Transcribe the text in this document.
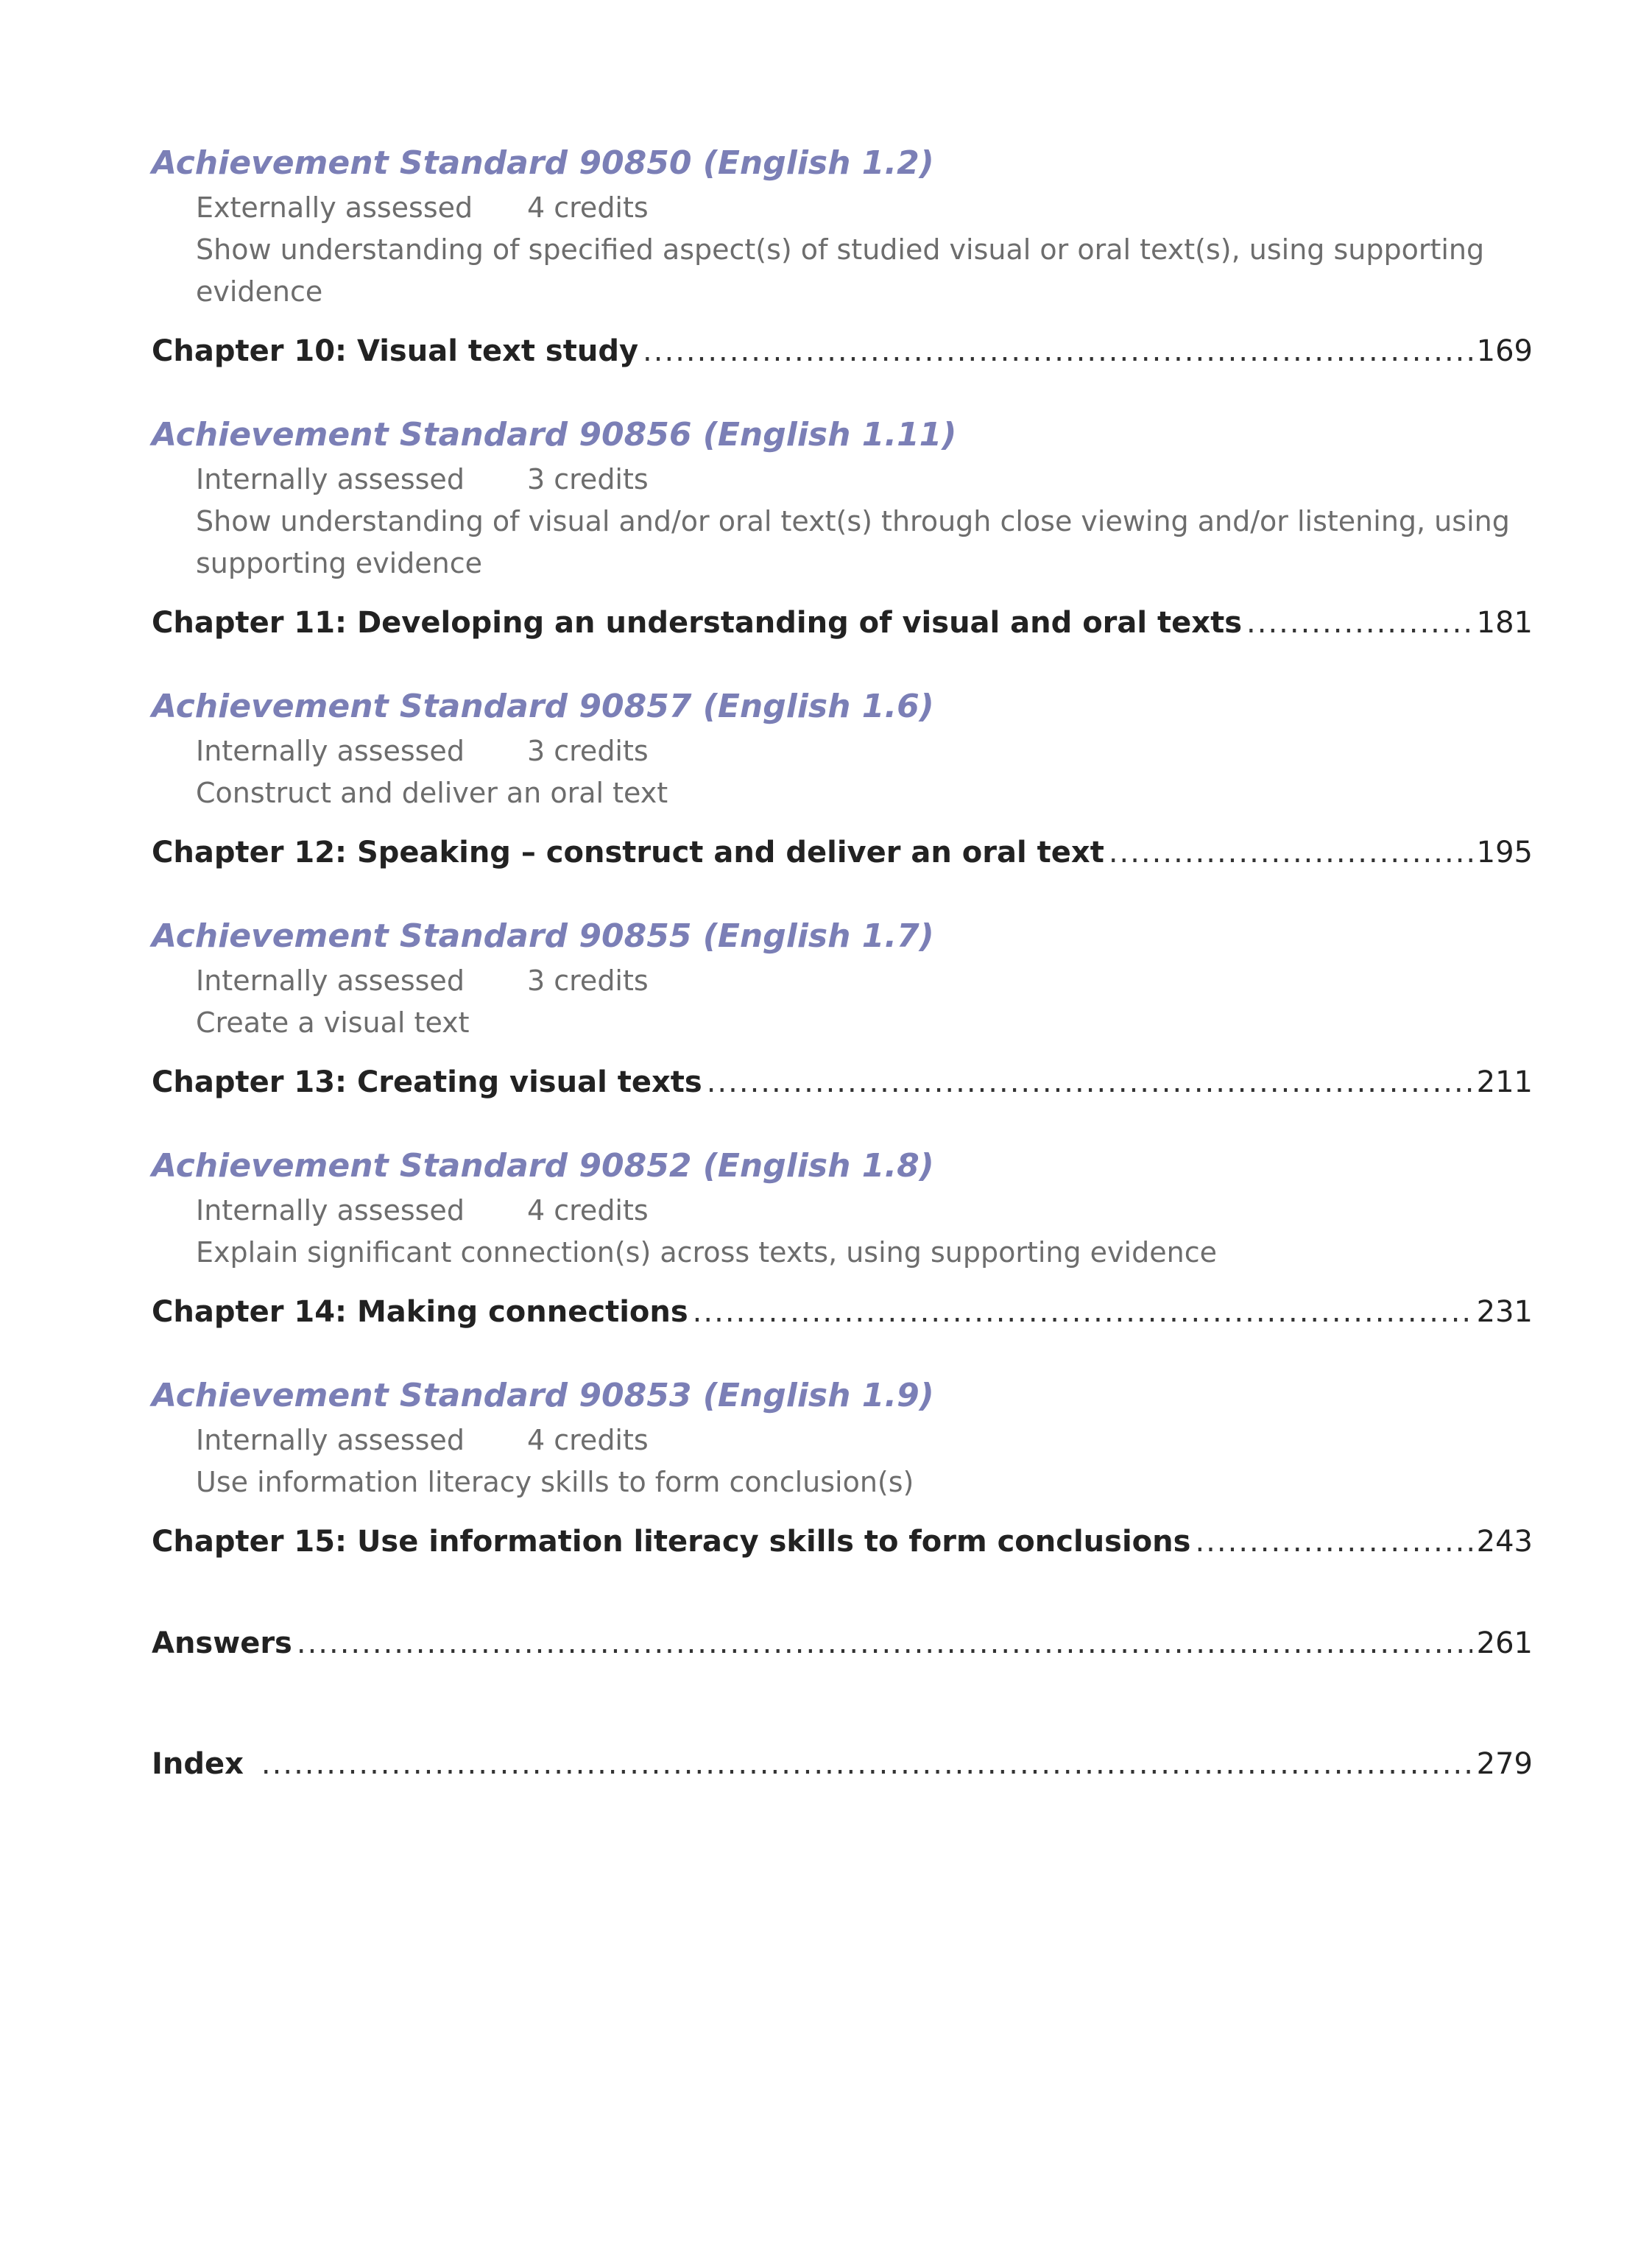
Achievement Standard 90850 (English 1.2)
Externally assessed 4 credits
Show understanding of specified aspect(s) of studied visual or oral text(s), using supporting evidence
Chapter 10: Visual text study .....	169
Achievement Standard 90856 (English 1.11)
Internally assessed 3 credits
Show understanding of visual and/or oral text(s) through close viewing and/or listening, using supporting evidence
Chapter 11: Developing an understanding of visual and oral texts .....	181
Achievement Standard 90857 (English 1.6)
Internally assessed 3 credits
Construct and deliver an oral text
Chapter 12: Speaking – construct and deliver an oral text .....	195
Achievement Standard 90855 (English 1.7)
Internally assessed 3 credits
Create a visual text
Chapter 13: Creating visual texts .....	211
Achievement Standard 90852 (English 1.8)
Internally assessed 4 credits
Explain significant connection(s) across texts, using supporting evidence
Chapter 14: Making connections .....	231
Achievement Standard 90853 (English 1.9)
Internally assessed 4 credits
Use information literacy skills to form conclusion(s)
Chapter 15: Use information literacy skills to form conclusions .....	243
Answers .....	261
Index .....	279
